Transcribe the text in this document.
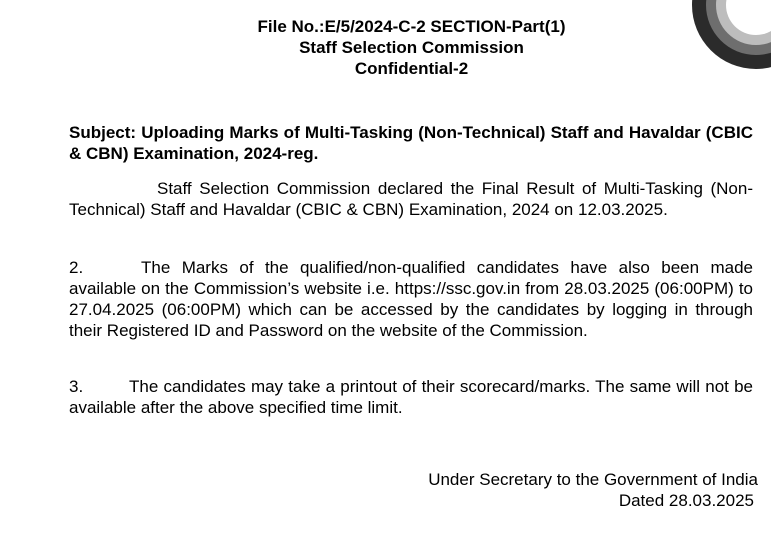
File No.:E/5/2024-C-2 SECTION-Part(1)
Staff Selection Commission
Confidential-2
Subject: Uploading Marks of Multi-Tasking (Non-Technical) Staff and Havaldar (CBIC & CBN) Examination, 2024-reg.
Staff Selection Commission declared the Final Result of Multi-Tasking (Non-Technical) Staff and Havaldar (CBIC & CBN) Examination, 2024 on 12.03.2025.
2.	The Marks of the qualified/non-qualified candidates have also been made available on the Commission’s website i.e. https://ssc.gov.in from 28.03.2025 (06:00PM) to 27.04.2025 (06:00PM) which can be accessed by the candidates by logging in through their Registered ID and Password on the website of the Commission.
3.	The candidates may take a printout of their scorecard/marks. The same will not be available after the above specified time limit.
Under Secretary to the Government of India
Dated 28.03.2025
